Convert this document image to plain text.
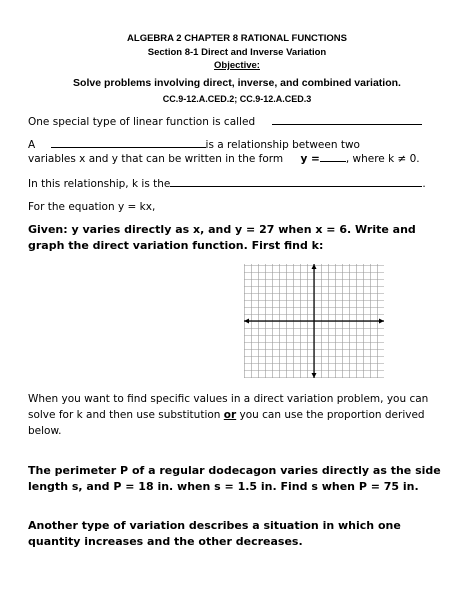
ALGEBRA 2 CHAPTER 8 RATIONAL FUNCTIONS
Section 8-1 Direct and Inverse Variation
Objective:
Solve problems involving direct, inverse, and combined variation.
CC.9-12.A.CED.2; CC.9-12.A.CED.3
One special type of linear function is called
A	is a relationship between two
variables x and y that can be written in the form y = , where k ≠ 0.
In this relationship, k is the	.
For the equation y = kx,
Given: y varies directly as x, and y = 27 when x = 6. Write and graph the direct variation function. First find k:
When you want to find specific values in a direct variation problem, you can solve for k and then use substitution or you can use the proportion derived below.
The perimeter P of a regular dodecagon varies directly as the side length s, and P = 18 in. when s = 1.5 in. Find s when P = 75 in.
Another type of variation describes a situation in which one quantity increases and the other decreases.
